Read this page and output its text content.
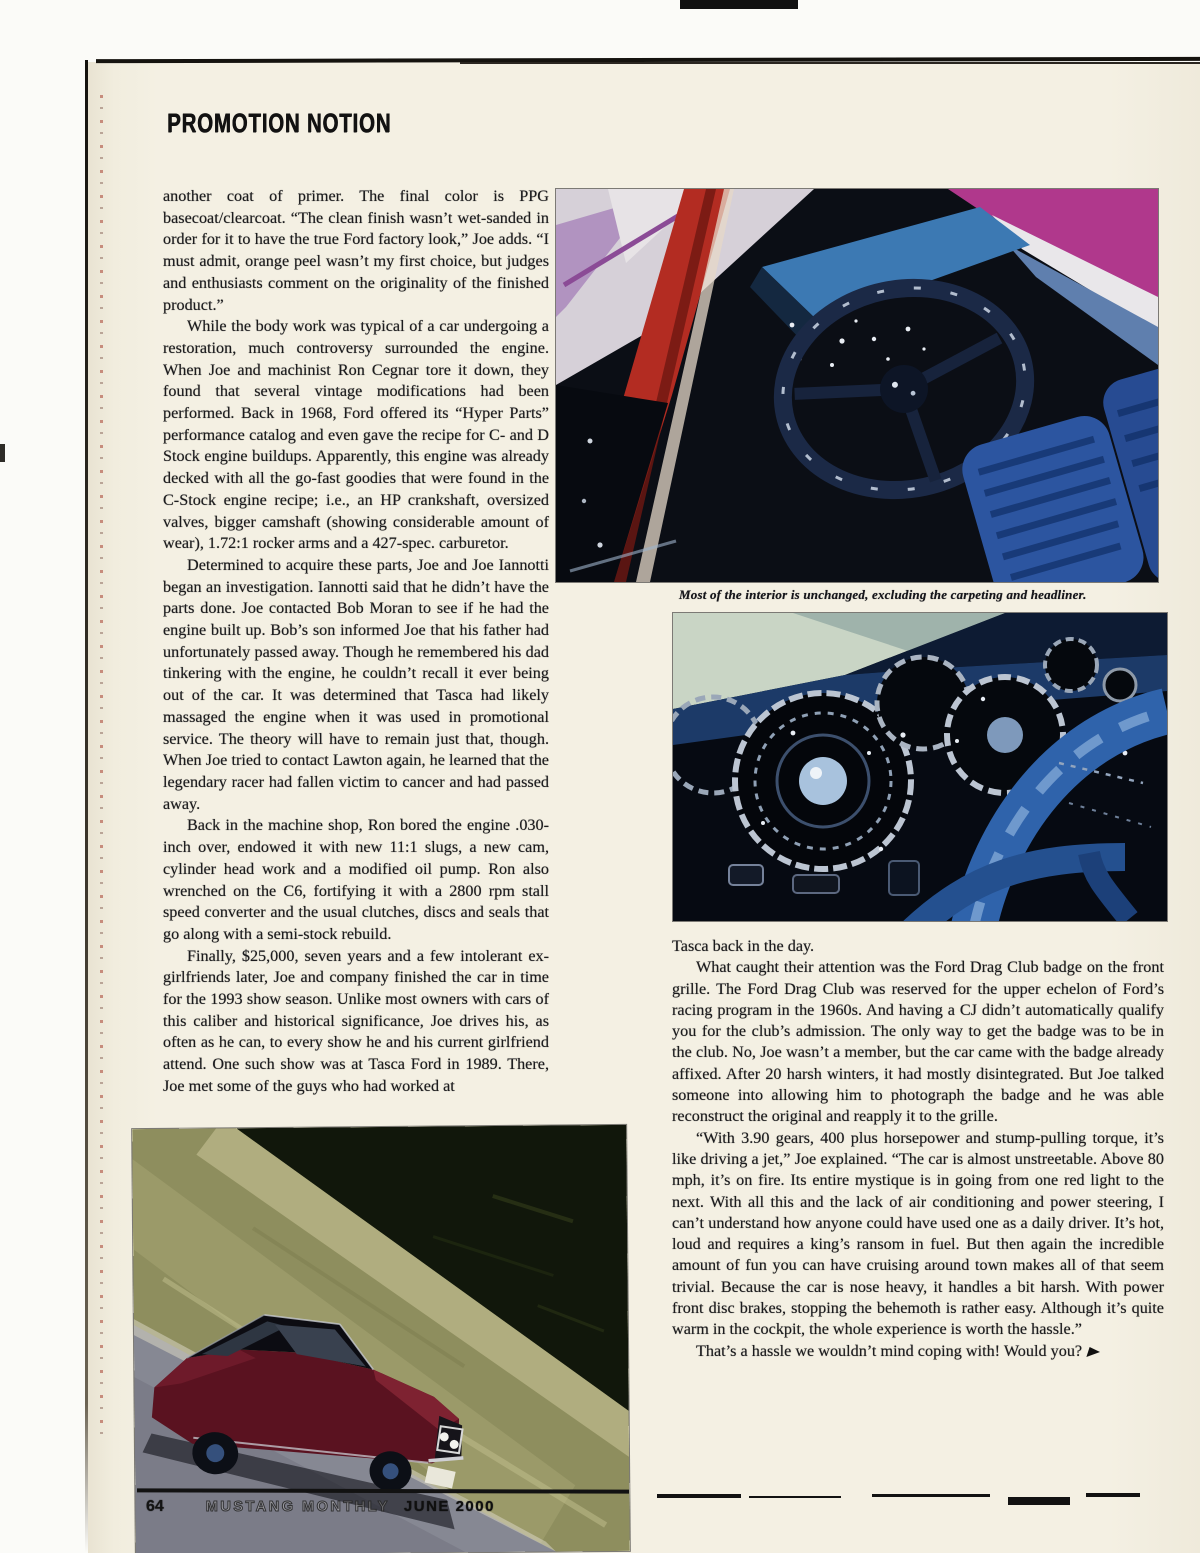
PROMOTION NOTION

another coat of primer. The final color is PPG basecoat/clearcoat. “The clean finish wasn’t wet-sanded in order for it to have the true Ford factory look,” Joe adds. “I must admit, orange peel wasn’t my first choice, but judges and enthusiasts comment on the originality of the finished product.”

While the body work was typical of a car undergoing a restoration, much controversy surrounded the engine. When Joe and machinist Ron Cegnar tore it down, they found that several vintage modifications had been performed. Back in 1968, Ford offered its “Hyper Parts” performance catalog and even gave the recipe for C- and D Stock engine buildups. Apparently, this engine was already decked with all the go-fast goodies that were found in the C-Stock engine recipe; i.e., an HP crankshaft, oversized valves, bigger camshaft (showing considerable amount of wear), 1.72:1 rocker arms and a 427-spec. carburetor.

Determined to acquire these parts, Joe and Joe Iannotti began an investigation. Iannotti said that he didn’t have the parts done. Joe contacted Bob Moran to see if he had the engine built up. Bob’s son informed Joe that his father had unfortunately passed away. Though he remembered his dad tinkering with the engine, he couldn’t recall it ever being out of the car. It was determined that Tasca had likely massaged the engine when it was used in promotional service. The theory will have to remain just that, though. When Joe tried to contact Lawton again, he learned that the legendary racer had fallen victim to cancer and had passed away.

Back in the machine shop, Ron bored the engine .030-inch over, endowed it with new 11:1 slugs, a new cam, cylinder head work and a modified oil pump. Ron also wrenched on the C6, fortifying it with a 2800 rpm stall speed converter and the usual clutches, discs and seals that go along with a semi-stock rebuild.

Finally, $25,000, seven years and a few intolerant ex-girlfriends later, Joe and company finished the car in time for the 1993 show season. Unlike most owners with cars of this caliber and historical significance, Joe drives his, as often as he can, to every show he and his current girlfriend attend. One such show was at Tasca Ford in 1989. There, Joe met some of the guys who had worked at

Most of the interior is unchanged, excluding the carpeting and headliner.

Tasca back in the day.

What caught their attention was the Ford Drag Club badge on the front grille. The Ford Drag Club was reserved for the upper echelon of Ford’s racing program in the 1960s. And having a CJ didn’t automatically qualify you for the club’s admission. The only way to get the badge was to be in the club. No, Joe wasn’t a member, but the car came with the badge already affixed. After 20 harsh winters, it had mostly disintegrated. But Joe talked someone into allowing him to photograph the badge and he was able reconstruct the original and reapply it to the grille.

“With 3.90 gears, 400 plus horsepower and stump-pulling torque, it’s like driving a jet,” Joe explained. “The car is almost unstreetable. Above 80 mph, it’s on fire. Its entire mystique is in going from one red light to the next. With all this and the lack of air conditioning and power steering, I can’t understand how anyone could have used one as a daily driver. It’s hot, loud and requires a king’s ransom in fuel. But then again the incredible amount of fun you can have cruising around town makes all of that seem trivial. Because the car is nose heavy, it handles a bit harsh. With power front disc brakes, stopping the behemoth is rather easy. Although it’s quite warm in the cockpit, the whole experience is worth the hassle.”

That’s a hassle we wouldn’t mind coping with! Would you?

64	MUSTANG MONTHLY JUNE 2000
